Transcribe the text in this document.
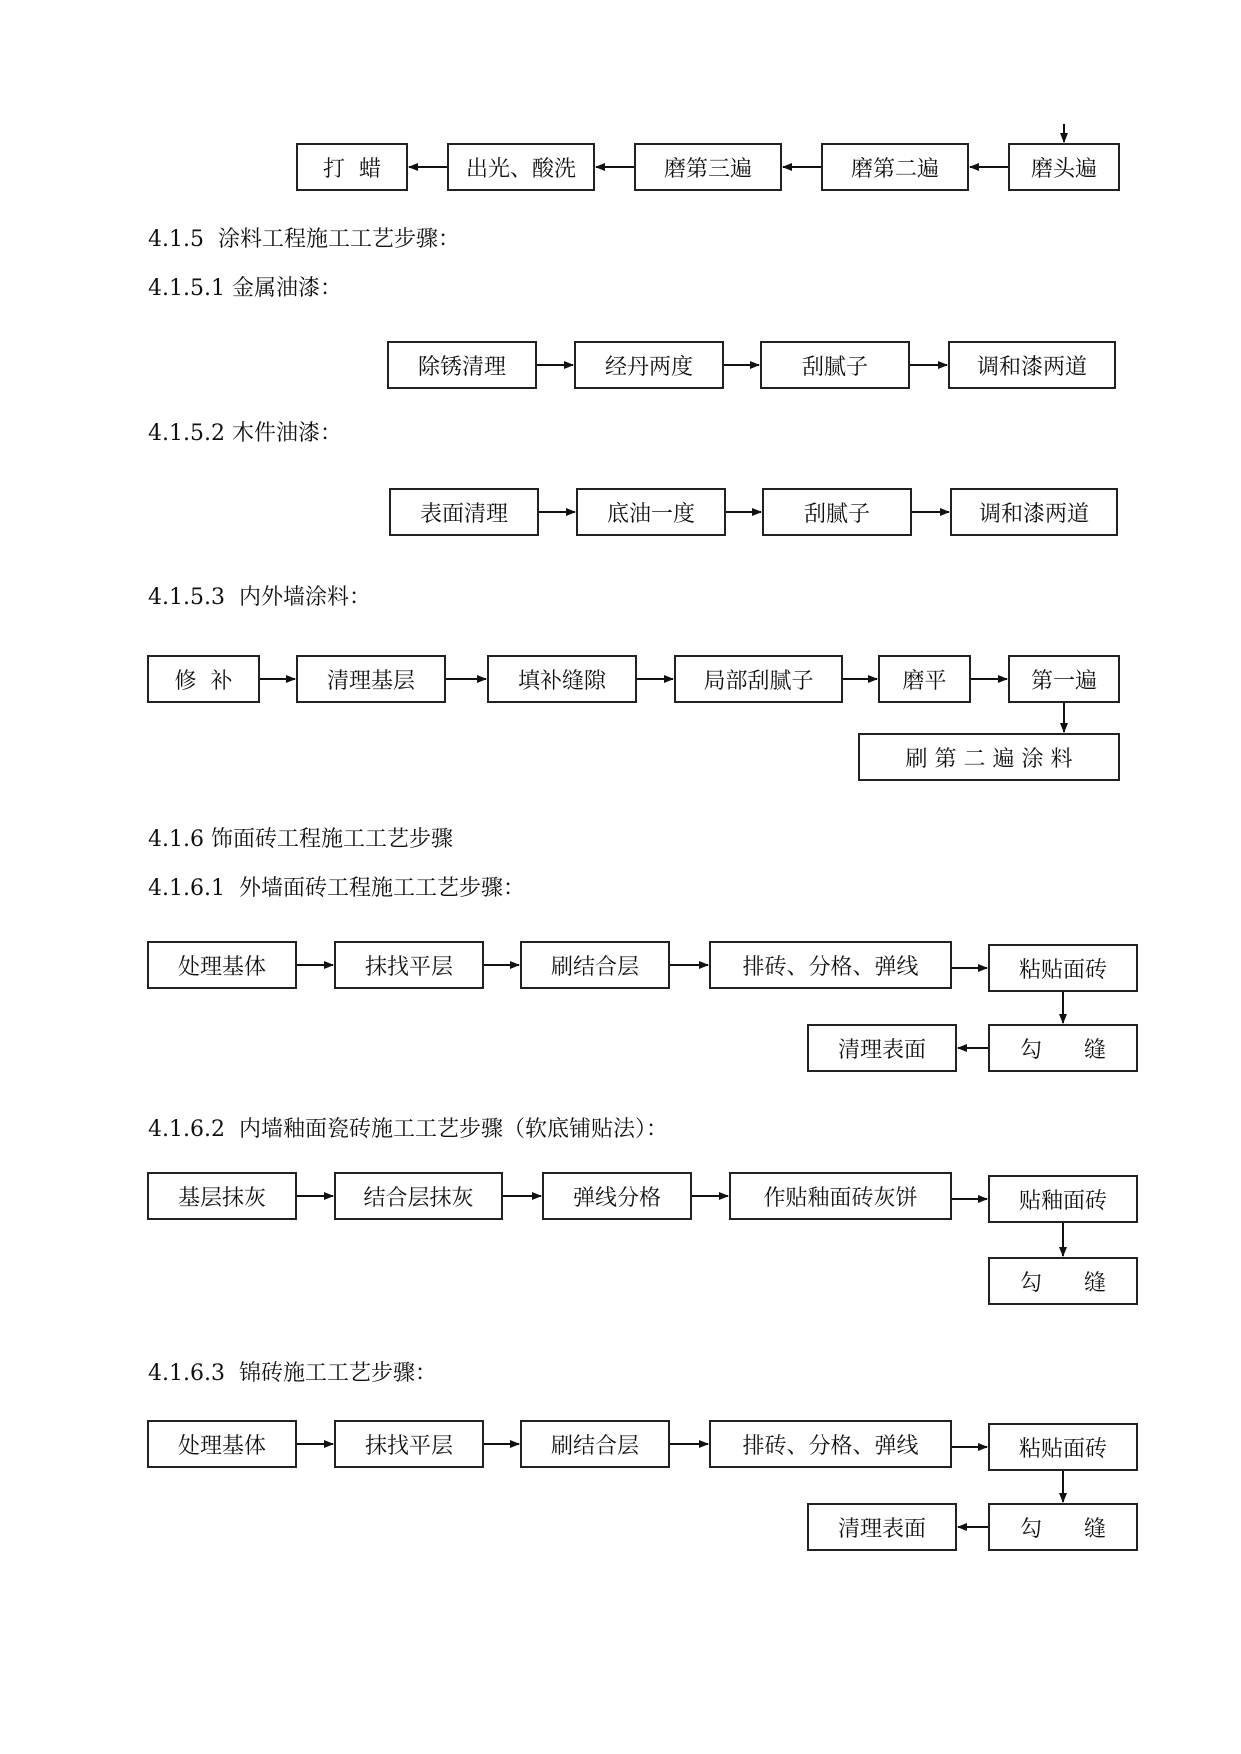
打  蜡	出光、酸洗	磨第三遍	磨第二遍	磨头遍
4.1.5  涂料工程施工工艺步骤：
4.1.5.1 金属油漆：
除锈清理	经丹两度	刮腻子	调和漆两道
4.1.5.2 木件油漆：
表面清理	底油一度	刮腻子	调和漆两道
4.1.5.3  内外墙涂料：
修  补	清理基层	填补缝隙	局部刮腻子	磨平	第一遍
刷 第 二 遍 涂 料
4.1.6 饰面砖工程施工工艺步骤
4.1.6.1  外墙面砖工程施工工艺步骤：
处理基体	抹找平层	刷结合层	排砖、分格、弹线	粘贴面砖
勾      缝
清理表面
4.1.6.2  内墙釉面瓷砖施工工艺步骤（软底铺贴法）：
基层抹灰	结合层抹灰	弹线分格	作贴釉面砖灰饼	贴釉面砖
勾      缝
4.1.6.3  锦砖施工工艺步骤：
处理基体	抹找平层	刷结合层	排砖、分格、弹线	粘贴面砖
勾      缝
清理表面
